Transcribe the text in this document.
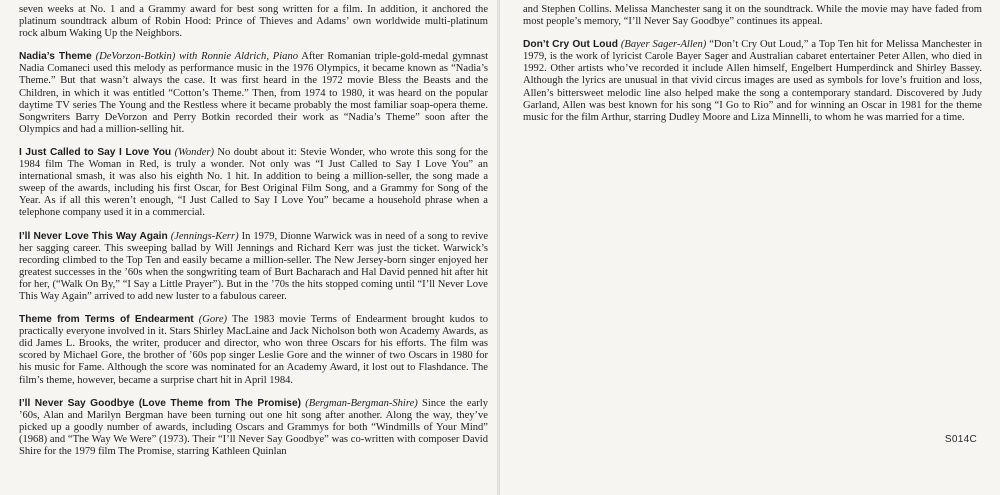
seven weeks at No. 1 and a Grammy award for best song written for a film. In addition, it anchored the platinum soundtrack album of Robin Hood: Prince of Thieves and Adams’ own worldwide multi-platinum rock album Waking Up the Neighbors.

Nadia’s Theme (DeVorzon-Botkin) with Ronnie Aldrich, Piano After Romanian triple-gold-medal gymnast Nadia Comaneci used this melody as performance music in the 1976 Olympics, it became known as “Nadia’s Theme.” But that wasn’t always the case. It was first heard in the 1972 movie Bless the Beasts and the Children, in which it was entitled “Cotton’s Theme.” Then, from 1974 to 1980, it was heard on the popular daytime TV series The Young and the Restless where it became probably the most familiar soap-opera theme. Songwriters Barry DeVorzon and Perry Botkin recorded their work as “Nadia’s Theme” soon after the Olympics and had a million-selling hit.

I Just Called to Say I Love You (Wonder) No doubt about it: Stevie Wonder, who wrote this song for the 1984 film The Woman in Red, is truly a wonder. Not only was “I Just Called to Say I Love You” an international smash, it was also his eighth No. 1 hit. In addition to being a million-seller, the song made a sweep of the awards, including his first Oscar, for Best Original Film Song, and a Grammy for Song of the Year. As if all this weren’t enough, “I Just Called to Say I Love You” became a household phrase when a telephone company used it in a commercial.

I’ll Never Love This Way Again (Jennings-Kerr) In 1979, Dionne Warwick was in need of a song to revive her sagging career. This sweeping ballad by Will Jennings and Richard Kerr was just the ticket. Warwick’s recording climbed to the Top Ten and easily became a million-seller. The New Jersey-born singer enjoyed her greatest successes in the ’60s when the songwriting team of Burt Bacharach and Hal David penned hit after hit for her, (“Walk On By,” “I Say a Little Prayer”). But in the ’70s the hits stopped coming until “I’ll Never Love This Way Again” arrived to add new luster to a fabulous career.

Theme from Terms of Endearment (Gore) The 1983 movie Terms of Endearment brought kudos to practically everyone involved in it. Stars Shirley MacLaine and Jack Nicholson both won Academy Awards, as did James L. Brooks, the writer, producer and director, who won three Oscars for his efforts. The film was scored by Michael Gore, the brother of ’60s pop singer Leslie Gore and the winner of two Oscars in 1980 for his music for Fame. Although the score was nominated for an Academy Award, it lost out to Flashdance. The film’s theme, however, became a surprise chart hit in April 1984.

I’ll Never Say Goodbye (Love Theme from The Promise) (Bergman-Bergman-Shire) Since the early ’60s, Alan and Marilyn Bergman have been turning out one hit song after another. Along the way, they’ve picked up a goodly number of awards, including Oscars and Grammys for both “Windmills of Your Mind” (1968) and “The Way We Were” (1973). Their “I’ll Never Say Goodbye” was co-written with composer David Shire for the 1979 film The Promise, starring Kathleen Quinlan

and Stephen Collins. Melissa Manchester sang it on the soundtrack. While the movie may have faded from most people’s memory, “I’ll Never Say Goodbye” continues its appeal.

Don’t Cry Out Loud (Bayer Sager-Allen) “Don’t Cry Out Loud,” a Top Ten hit for Melissa Manchester in 1979, is the work of lyricist Carole Bayer Sager and Australian cabaret entertainer Peter Allen, who died in 1992. Other artists who’ve recorded it include Allen himself, Engelbert Humperdinck and Shirley Bassey. Although the lyrics are unusual in that vivid circus images are used as symbols for love’s fruition and loss, Allen’s bittersweet melodic line also helped make the song a contemporary standard. Discovered by Judy Garland, Allen was best known for his song “I Go to Rio” and for winning an Oscar in 1981 for the theme music for the film Arthur, starring Dudley Moore and Liza Minnelli, to whom he was married for a time.

S014C
